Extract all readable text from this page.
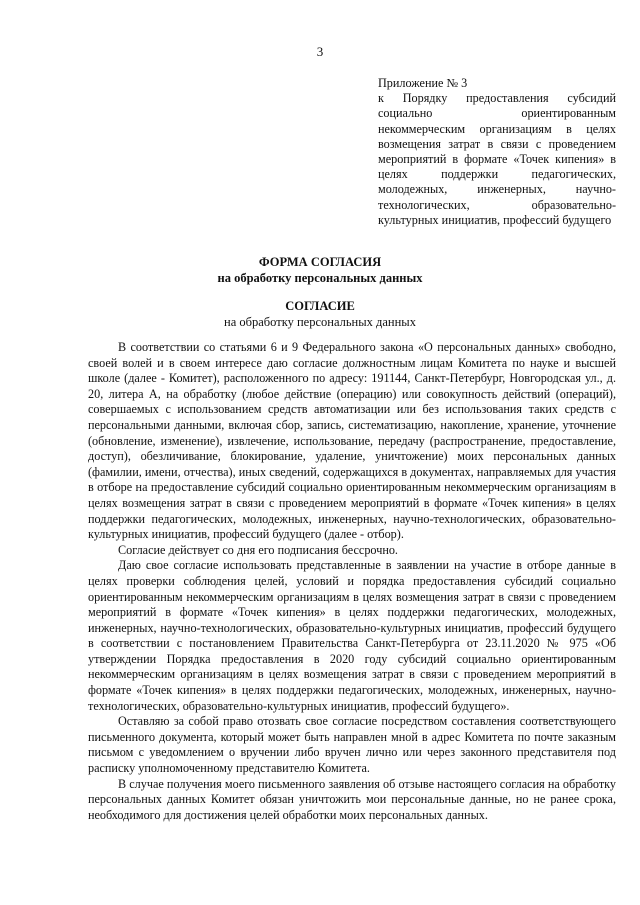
3
Приложение № 3
к Порядку предоставления субсидий социально ориентированным некоммерческим организациям в целях возмещения затрат в связи с проведением мероприятий в формате «Точек кипения» в целях поддержки педагогических, молодежных, инженерных, научно-технологических, образовательно-культурных инициатив, профессий будущего
ФОРМА СОГЛАСИЯ
на обработку персональных данных
СОГЛАСИЕ
на обработку персональных данных

В соответствии со статьями 6 и 9 Федерального закона «О персональных данных» свободно, своей волей и в своем интересе даю согласие должностным лицам Комитета по науке и высшей школе (далее - Комитет), расположенного по адресу: 191144, Санкт-Петербург, Новгородская ул., д. 20, литера А, на обработку (любое действие (операцию) или совокупность действий (операций), совершаемых с использованием средств автоматизации или без использования таких средств с персональными данными, включая сбор, запись, систематизацию, накопление, хранение, уточнение (обновление, изменение), извлечение, использование, передачу (распространение, предоставление, доступ), обезличивание, блокирование, удаление, уничтожение) моих персональных данных (фамилии, имени, отчества), иных сведений, содержащихся в документах, направляемых для участия в отборе на предоставление субсидий социально ориентированным некоммерческим организациям в целях возмещения затрат в связи с проведением мероприятий в формате «Точек кипения» в целях поддержки педагогических, молодежных, инженерных, научно-технологических, образовательно-культурных инициатив, профессий будущего (далее - отбор).

Согласие действует со дня его подписания бессрочно.

Даю свое согласие использовать представленные в заявлении на участие в отборе данные в целях проверки соблюдения целей, условий и порядка предоставления субсидий социально ориентированным некоммерческим организациям в целях возмещения затрат в связи с проведением мероприятий в формате «Точек кипения» в целях поддержки педагогических, молодежных, инженерных, научно-технологических, образовательно-культурных инициатив, профессий будущего в соответствии с постановлением Правительства Санкт-Петербурга от 23.11.2020 № 975 «Об утверждении Порядка предоставления в 2020 году субсидий социально ориентированным некоммерческим организациям в целях возмещения затрат в связи с проведением мероприятий в формате «Точек кипения» в целях поддержки педагогических, молодежных, инженерных, научно-технологических, образовательно-культурных инициатив, профессий будущего».

Оставляю за собой право отозвать свое согласие посредством составления соответствующего письменного документа, который может быть направлен мной в адрес Комитета по почте заказным письмом с уведомлением о вручении либо вручен лично или через законного представителя под расписку уполномоченному представителю Комитета.

В случае получения моего письменного заявления об отзыве настоящего согласия на обработку персональных данных Комитет обязан уничтожить мои персональные данные, но не ранее срока, необходимого для достижения целей обработки моих персональных данных.
